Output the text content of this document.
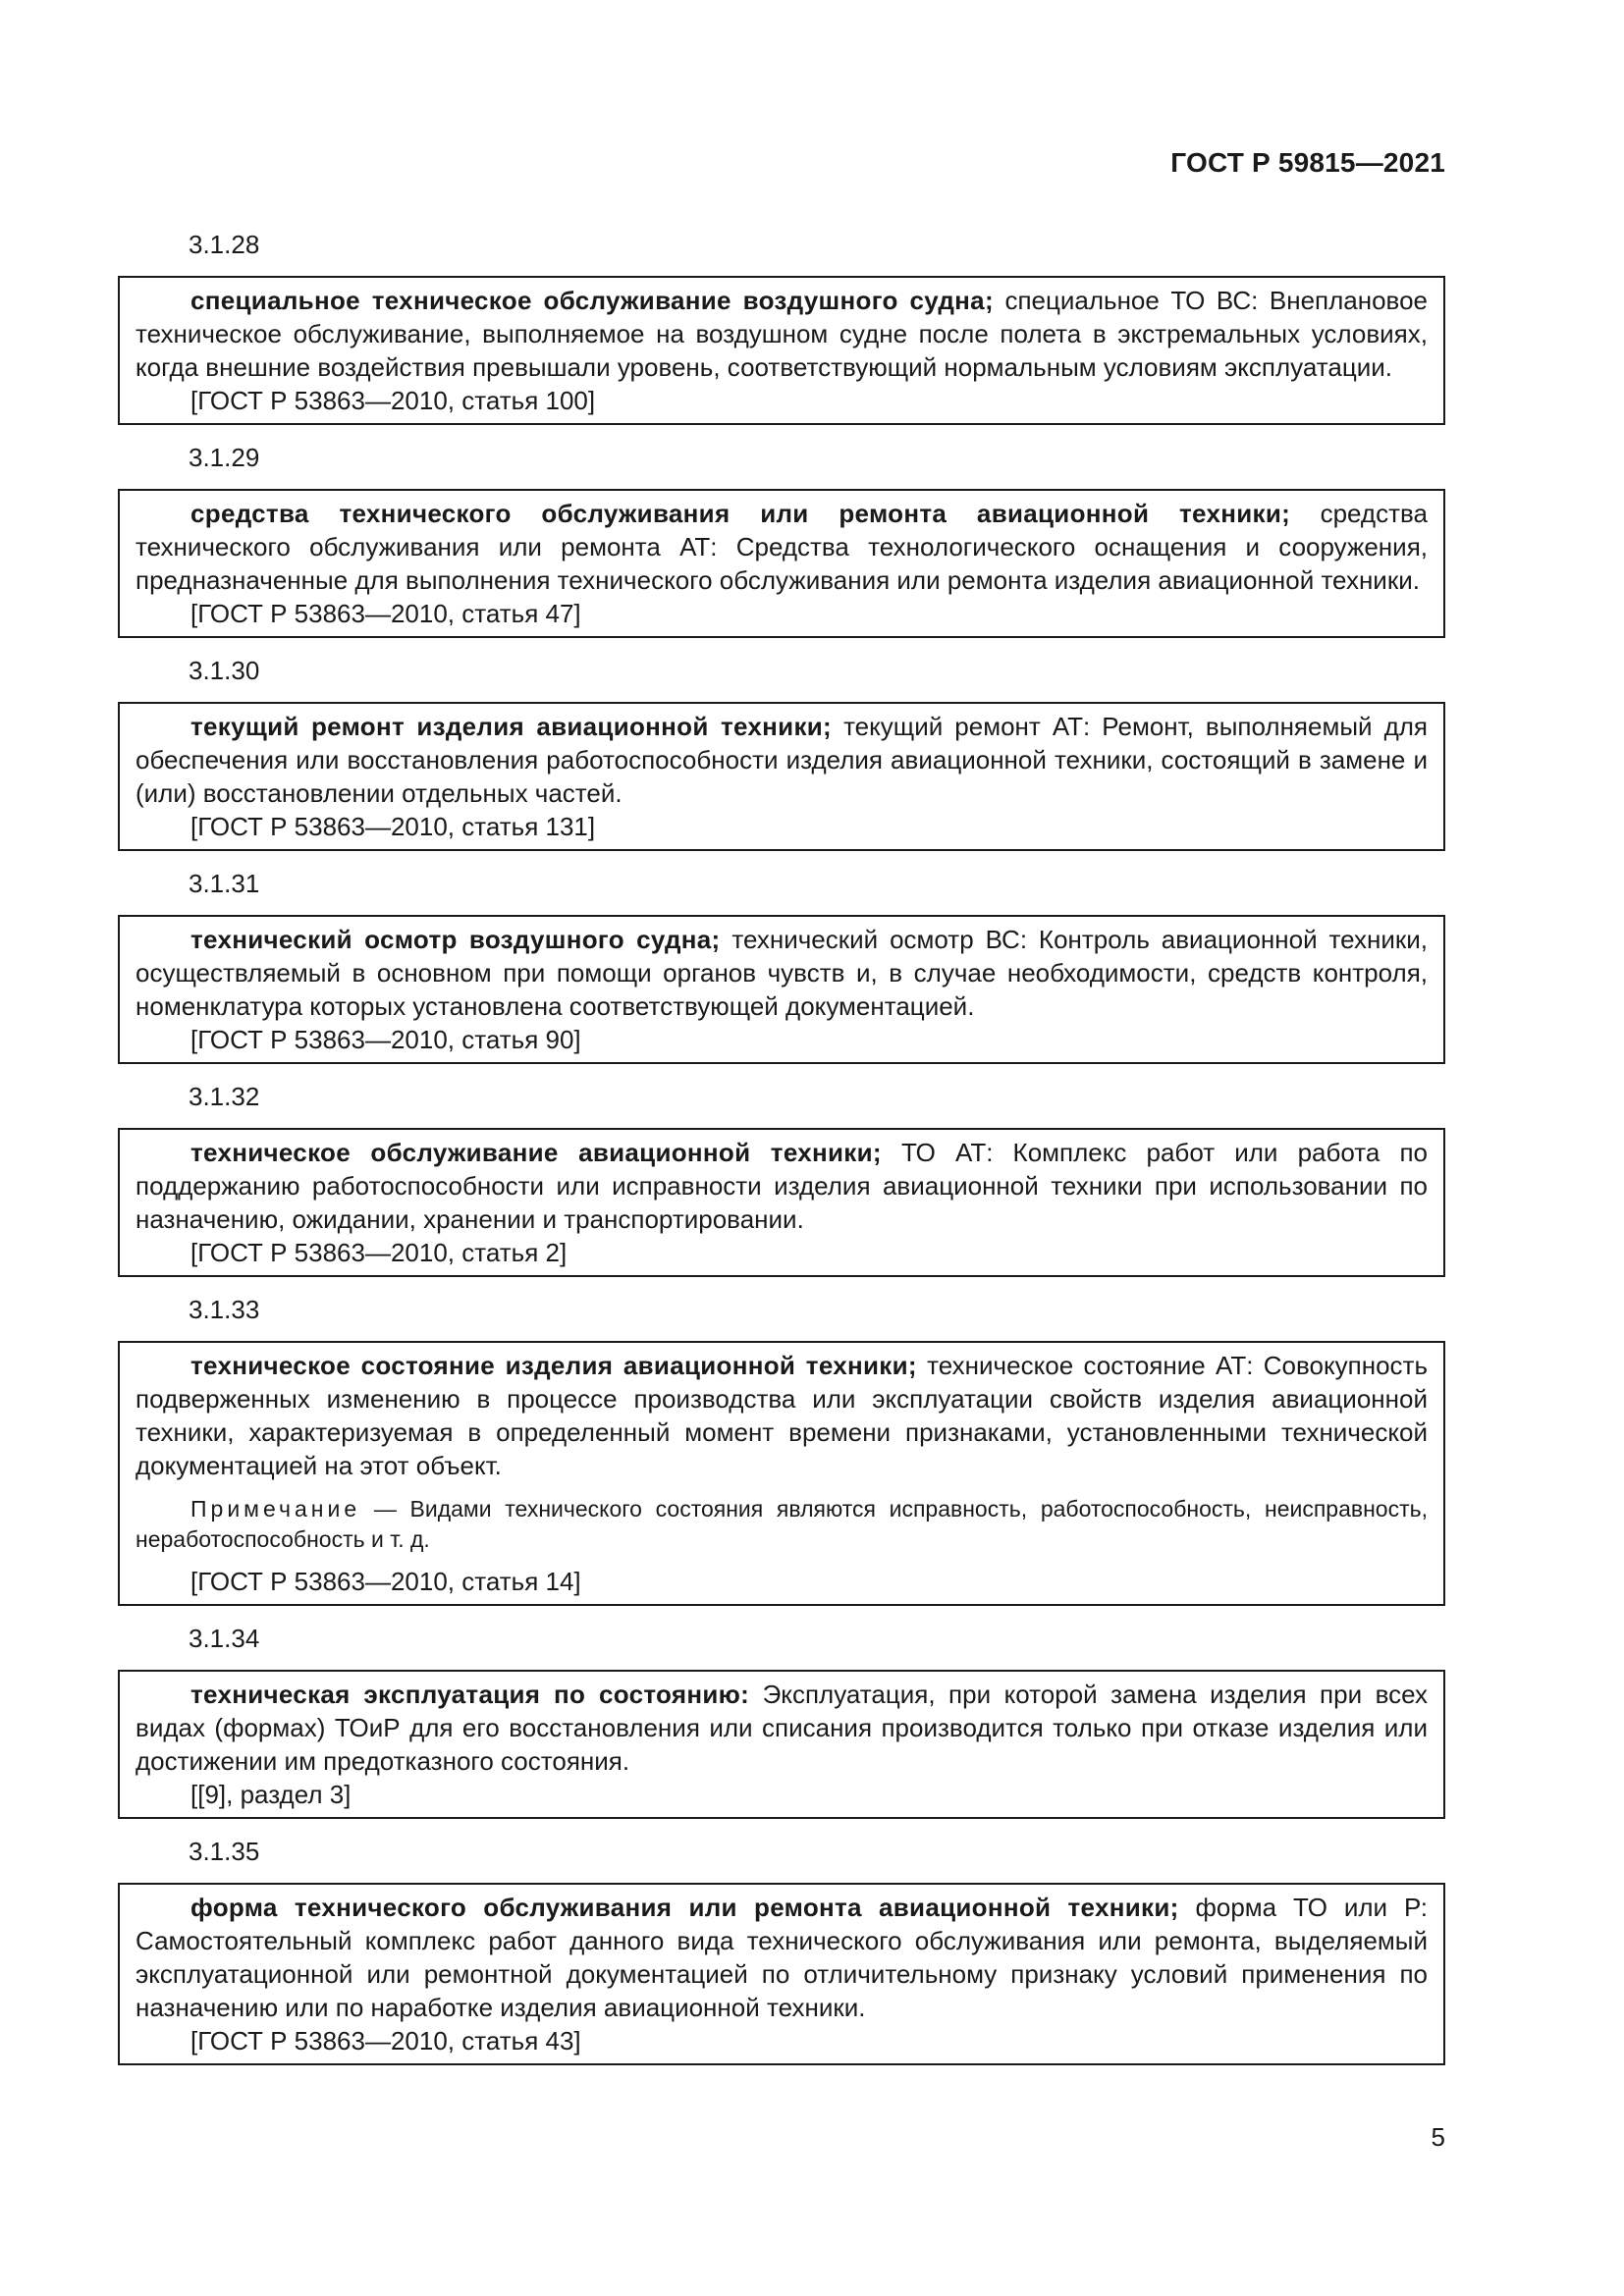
ГОСТ Р 59815—2021
3.1.28
специальное техническое обслуживание воздушного судна; специальное ТО ВС: Внеплановое техническое обслуживание, выполняемое на воздушном судне после полета в экстремальных условиях, когда внешние воздействия превышали уровень, соответствующий нормальным условиям эксплуатации.
[ГОСТ Р 53863—2010, статья 100]
3.1.29
средства технического обслуживания или ремонта авиационной техники; средства технического обслуживания или ремонта АТ: Средства технологического оснащения и сооружения, предназначенные для выполнения технического обслуживания или ремонта изделия авиационной техники.
[ГОСТ Р 53863—2010, статья 47]
3.1.30
текущий ремонт изделия авиационной техники; текущий ремонт АТ: Ремонт, выполняемый для обеспечения или восстановления работоспособности изделия авиационной техники, состоящий в замене и (или) восстановлении отдельных частей.
[ГОСТ Р 53863—2010, статья 131]
3.1.31
технический осмотр воздушного судна; технический осмотр ВС: Контроль авиационной техники, осуществляемый в основном при помощи органов чувств и, в случае необходимости, средств контроля, номенклатура которых установлена соответствующей документацией.
[ГОСТ Р 53863—2010, статья 90]
3.1.32
техническое обслуживание авиационной техники; ТО АТ: Комплекс работ или работа по поддержанию работоспособности или исправности изделия авиационной техники при использовании по назначению, ожидании, хранении и транспортировании.
[ГОСТ Р 53863—2010, статья 2]
3.1.33
техническое состояние изделия авиационной техники; техническое состояние АТ: Совокупность подверженных изменению в процессе производства или эксплуатации свойств изделия авиационной техники, характеризуемая в определенный момент времени признаками, установленными технической документацией на этот объект.
Примечание — Видами технического состояния являются исправность, работоспособность, неисправность, неработоспособность и т. д.
[ГОСТ Р 53863—2010, статья 14]
3.1.34
техническая эксплуатация по состоянию: Эксплуатация, при которой замена изделия при всех видах (формах) ТОиР для его восстановления или списания производится только при отказе изделия или достижении им предотказного состояния.
[[9], раздел 3]
3.1.35
форма технического обслуживания или ремонта авиационной техники; форма ТО или Р: Самостоятельный комплекс работ данного вида технического обслуживания или ремонта, выделяемый эксплуатационной или ремонтной документацией по отличительному признаку условий применения по назначению или по наработке изделия авиационной техники.
[ГОСТ Р 53863—2010, статья 43]
5
